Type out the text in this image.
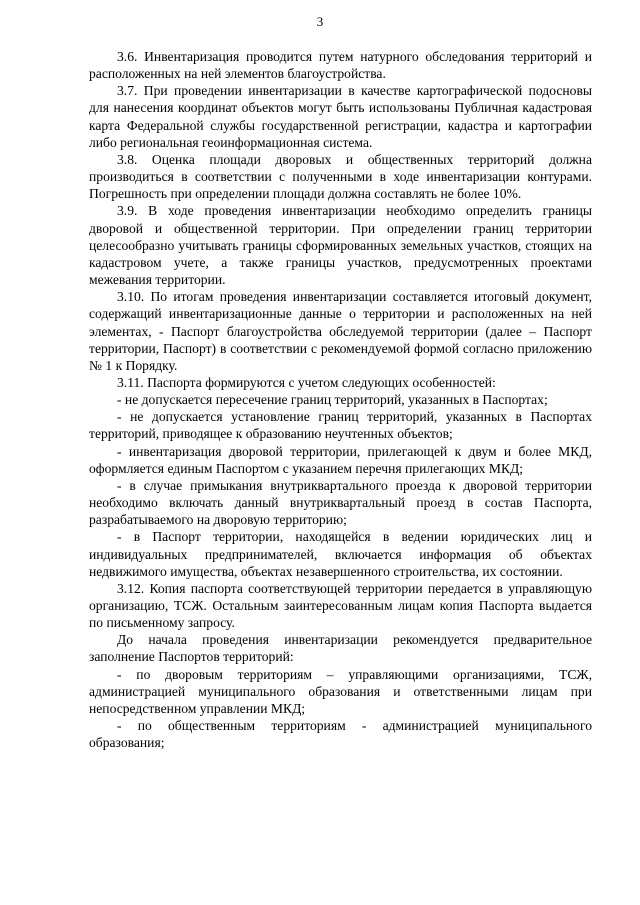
3

3.6. Инвентаризация проводится путем натурного обследования территорий и расположенных на ней элементов благоустройства.

3.7. При проведении инвентаризации в качестве картографической подосновы для нанесения координат объектов могут быть использованы Публичная кадастровая карта Федеральной службы государственной регистрации, кадастра и картографии либо региональная геоинформационная система.

3.8. Оценка площади дворовых и общественных территорий должна производиться в соответствии с полученными в ходе инвентаризации контурами. Погрешность при определении площади должна составлять не более 10%.

3.9. В ходе проведения инвентаризации необходимо определить границы дворовой и общественной территории. При определении границ территории целесообразно учитывать границы сформированных земельных участков, стоящих на кадастровом учете, а также границы участков, предусмотренных проектами межевания территории.

3.10. По итогам проведения инвентаризации составляется итоговый документ, содержащий инвентаризационные данные о территории и расположенных на ней элементах, - Паспорт благоустройства обследуемой территории (далее – Паспорт территории, Паспорт) в соответствии с рекомендуемой формой согласно приложению № 1 к Порядку.

3.11. Паспорта формируются с учетом следующих особенностей:

- не допускается пересечение границ территорий, указанных в Паспортах;

- не допускается установление границ территорий, указанных в Паспортах территорий, приводящее к образованию неучтенных объектов;

- инвентаризация дворовой территории, прилегающей к двум и более МКД, оформляется единым Паспортом с указанием перечня прилегающих МКД;

- в случае примыкания внутриквартального проезда к дворовой территории необходимо включать данный внутриквартальный проезд в состав Паспорта, разрабатываемого на дворовую территорию;

- в Паспорт территории, находящейся в ведении юридических лиц и индивидуальных предпринимателей, включается информация об объектах недвижимого имущества, объектах незавершенного строительства, их состоянии.

3.12. Копия паспорта соответствующей территории передается в управляющую организацию, ТСЖ. Остальным заинтересованным лицам копия Паспорта выдается по письменному запросу.

До начала проведения инвентаризации рекомендуется предварительное заполнение Паспортов территорий:

- по дворовым территориям – управляющими организациями, ТСЖ, администрацией муниципального образования и ответственными лицам при непосредственном управлении МКД;

- по общественным территориям - администрацией муниципального образования;
